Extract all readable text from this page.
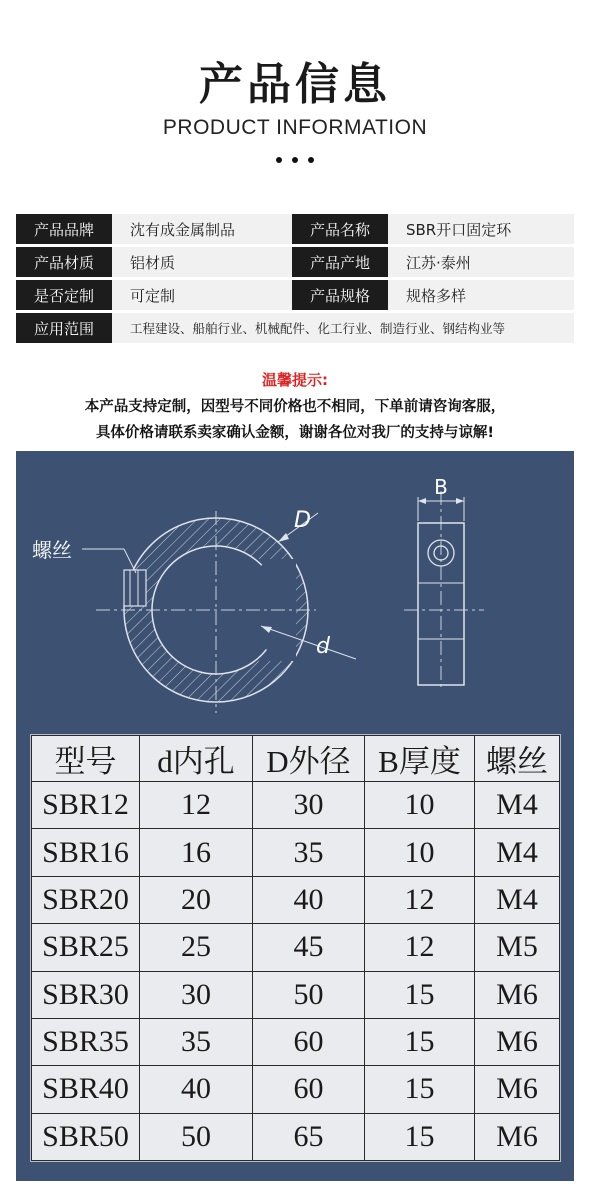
产品信息
PRODUCT INFORMATION
产品品牌	沈有成金属制品	产品名称	SBR开口固定环
产品材质	铝材质	产品产地	江苏·泰州
是否定制	可定制	产品规格	规格多样
应用范围	工程建设、船舶行业、机械配件、化工行业、制造行业、钢结构业等
温馨提示:
本产品支持定制，因型号不同价格也不相同，下单前请咨询客服，
具体价格请联系卖家确认金额，谢谢各位对我厂的支持与谅解!
螺丝
D
d
B
型号	d内孔	D外径	B厚度	螺丝
SBR12	12	30	10	M4
SBR16	16	35	10	M4
SBR20	20	40	12	M4
SBR25	25	45	12	M5
SBR30	30	50	15	M6
SBR35	35	60	15	M6
SBR40	40	60	15	M6
SBR50	50	65	15	M6
